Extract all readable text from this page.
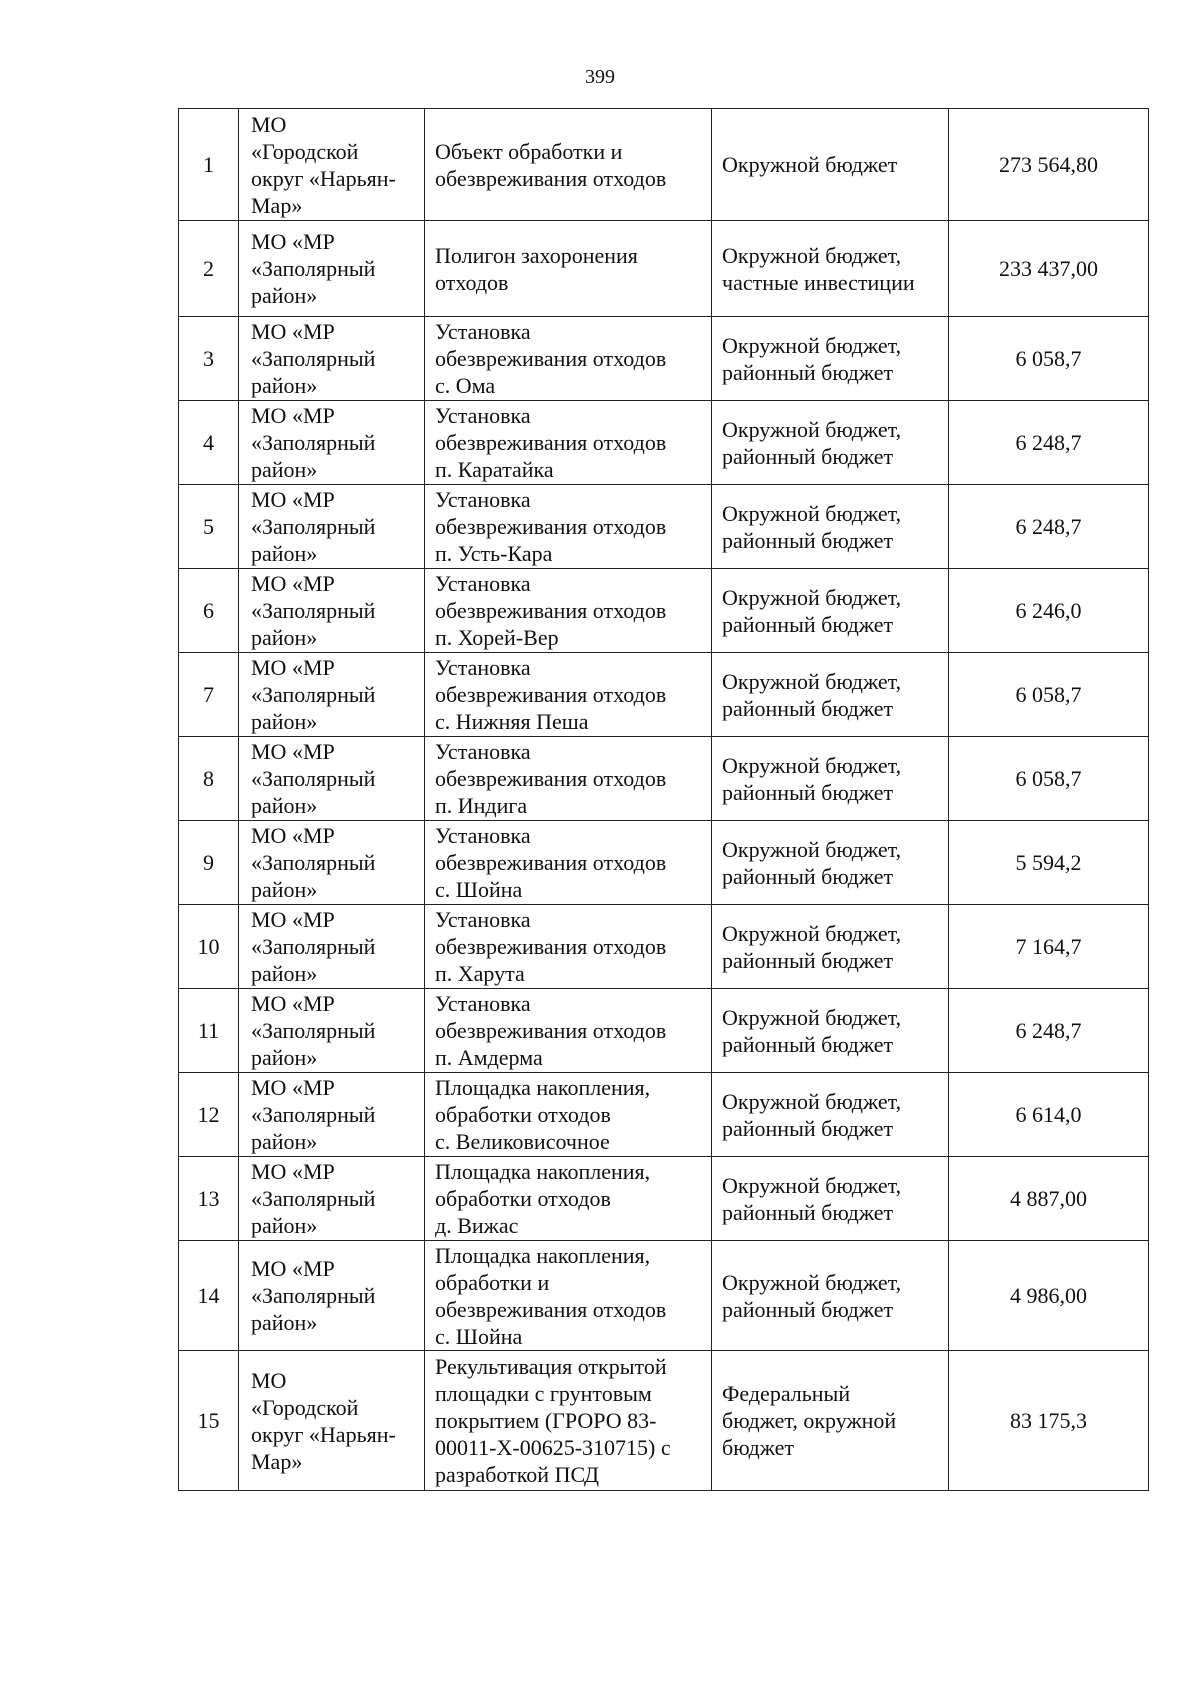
399
1	МО
«Городской
округ «Нарьян-
Мар»	Объект обработки и
обезвреживания отходов	Окружной бюджет	273 564,80

2	МО «МР
«Заполярный
район»	Полигон захоронения
отходов	Окружной бюджет,
частные инвестиции	233 437,00

3	МО «МР
«Заполярный
район»	Установка
обезвреживания отходов
с. Ома	Окружной бюджет,
районный бюджет	6 058,7

4	МО «МР
«Заполярный
район»	Установка
обезвреживания отходов
п. Каратайка	Окружной бюджет,
районный бюджет	6 248,7

5	МО «МР
«Заполярный
район»	Установка
обезвреживания отходов
п. Усть-Кара	Окружной бюджет,
районный бюджет	6 248,7

6	МО «МР
«Заполярный
район»	Установка
обезвреживания отходов
п. Хорей-Вер	Окружной бюджет,
районный бюджет	6 246,0

7	МО «МР
«Заполярный
район»	Установка
обезвреживания отходов
с. Нижняя Пеша	Окружной бюджет,
районный бюджет	6 058,7

8	МО «МР
«Заполярный
район»	Установка
обезвреживания отходов
п. Индига	Окружной бюджет,
районный бюджет	6 058,7

9	МО «МР
«Заполярный
район»	Установка
обезвреживания отходов
с. Шойна	Окружной бюджет,
районный бюджет	5 594,2

10	МО «МР
«Заполярный
район»	Установка
обезвреживания отходов
п. Харута	Окружной бюджет,
районный бюджет	7 164,7

11	МО «МР
«Заполярный
район»	Установка
обезвреживания отходов
п. Амдерма	Окружной бюджет,
районный бюджет	6 248,7

12	МО «МР
«Заполярный
район»	Площадка накопления,
обработки отходов
с. Великовисочное	Окружной бюджет,
районный бюджет	6 614,0

13	МО «МР
«Заполярный
район»	Площадка накопления,
обработки отходов
д. Вижас	Окружной бюджет,
районный бюджет	4 887,00

14	МО «МР
«Заполярный
район»	Площадка накопления,
обработки и
обезвреживания отходов
с. Шойна	Окружной бюджет,
районный бюджет	4 986,00

15	МО
«Городской
округ «Нарьян-
Мар»	Рекультивация открытой
площадки с грунтовым
покрытием (ГРОРО 83-
00011-Х-00625-310715) с
разработкой ПСД	Федеральный
бюджет, окружной
бюджет	83 175,3
